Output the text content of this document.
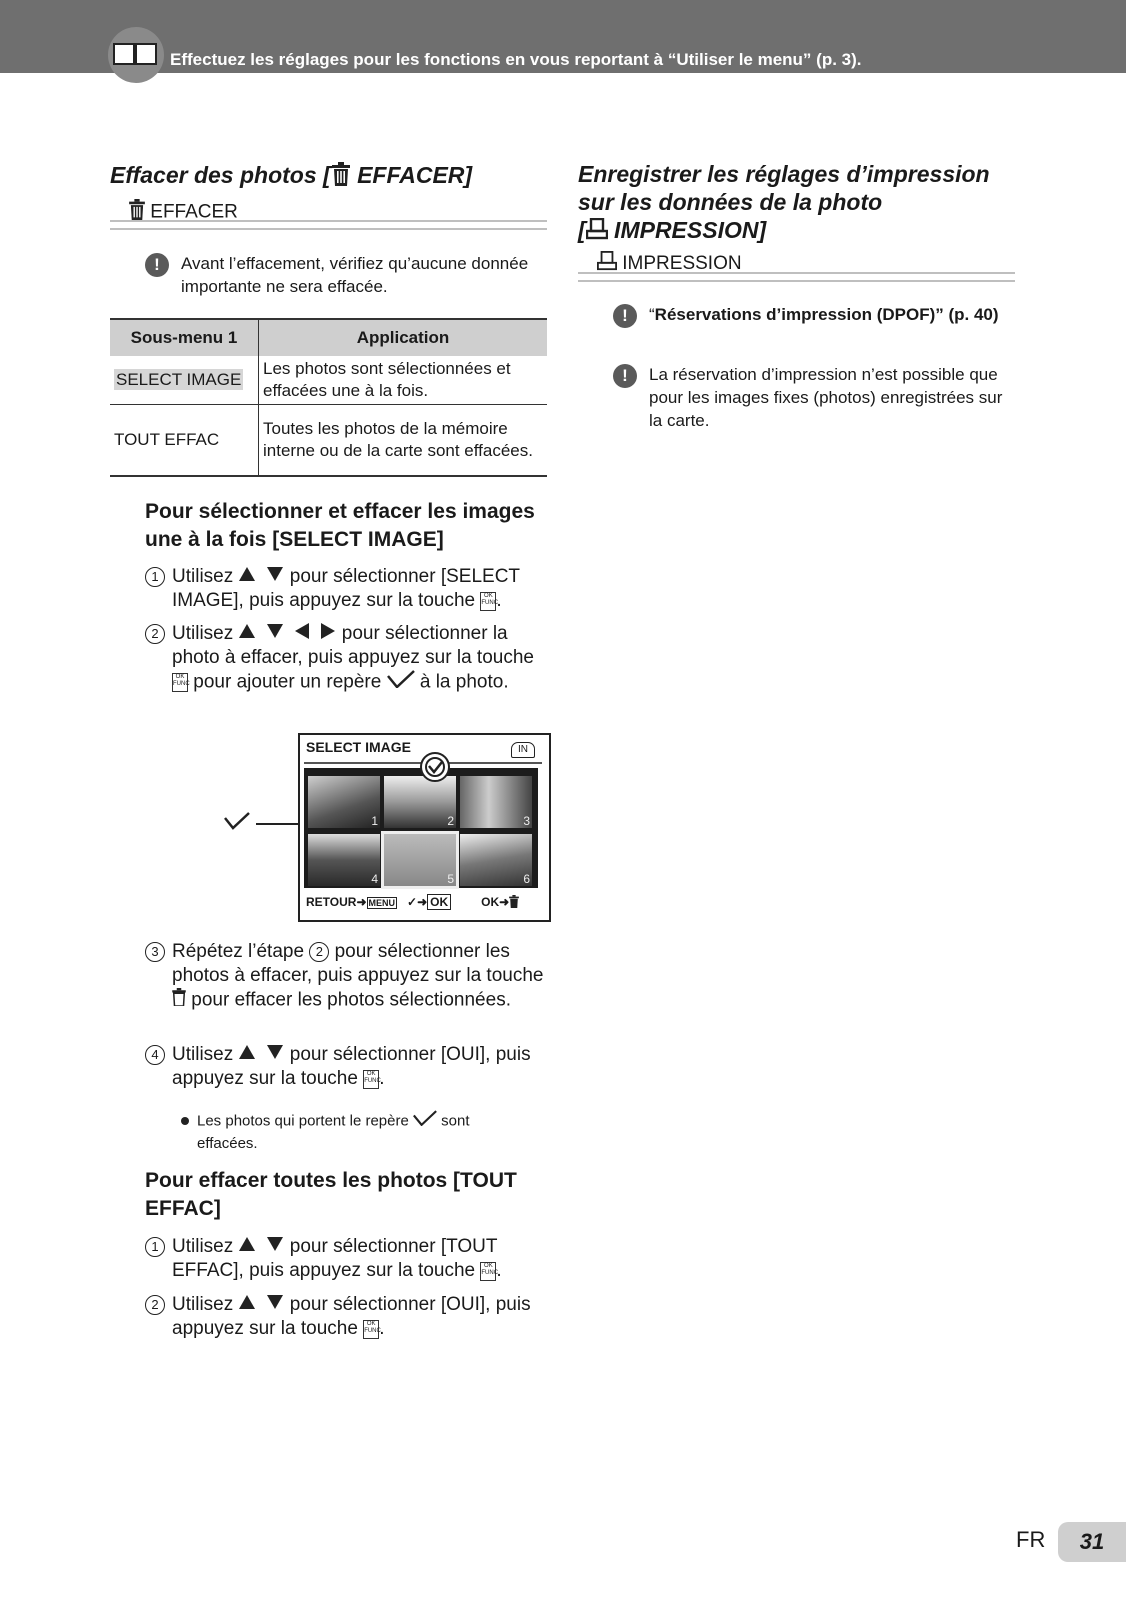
Effectuez les réglages pour les fonctions en vous reportant à “Utiliser le menu” (p. 3).
Effacer des photos [ EFFACER]
EFFACER
!	Avant l’effacement, vérifiez qu’aucune donnée importante ne sera effacée.
Sous-menu 1	Application
SELECT IMAGE	Les photos sont sélectionnées et effacées une à la fois.
TOUT EFFAC	Toutes les photos de la mémoire interne ou de la carte sont effacées.
Pour sélectionner et effacer les images une à la fois [SELECT IMAGE]
1 Utilisez	pour sélectionner [SELECT IMAGE], puis appuyez sur la touche OK
FUNC.
2 Utilisez	pour sélectionner la photo à effacer, puis appuyez sur la touche OK
FUNC pour ajouter un repère à la photo.
SELECT IMAGE	IN
1	2	3
4	5	6
RETOUR➜ MENU   ✓➜ OK	OK➜
3 Répétez l’étape 2 pour sélectionner les photos à effacer, puis appuyez sur la touche  pour effacer les photos sélectionnées.
4 Utilisez	pour sélectionner [OUI], puis appuyez sur la touche OK
FUNC.
Les photos qui portent le repère sont effacées.
Pour effacer toutes les photos [TOUT EFFAC]
1 Utilisez	pour sélectionner [TOUT EFFAC], puis appuyez sur la touche OK
FUNC.
2 Utilisez	pour sélectionner [OUI], puis appuyez sur la touche OK
FUNC.
Enregistrer les réglages d’impression
sur les données de la photo
[ IMPRESSION]
IMPRESSION
!	“Réservations d’impression (DPOF)” (p. 40)
!	La réservation d’impression n’est possible que pour les images fixes (photos) enregistrées sur la carte.
FR	31
